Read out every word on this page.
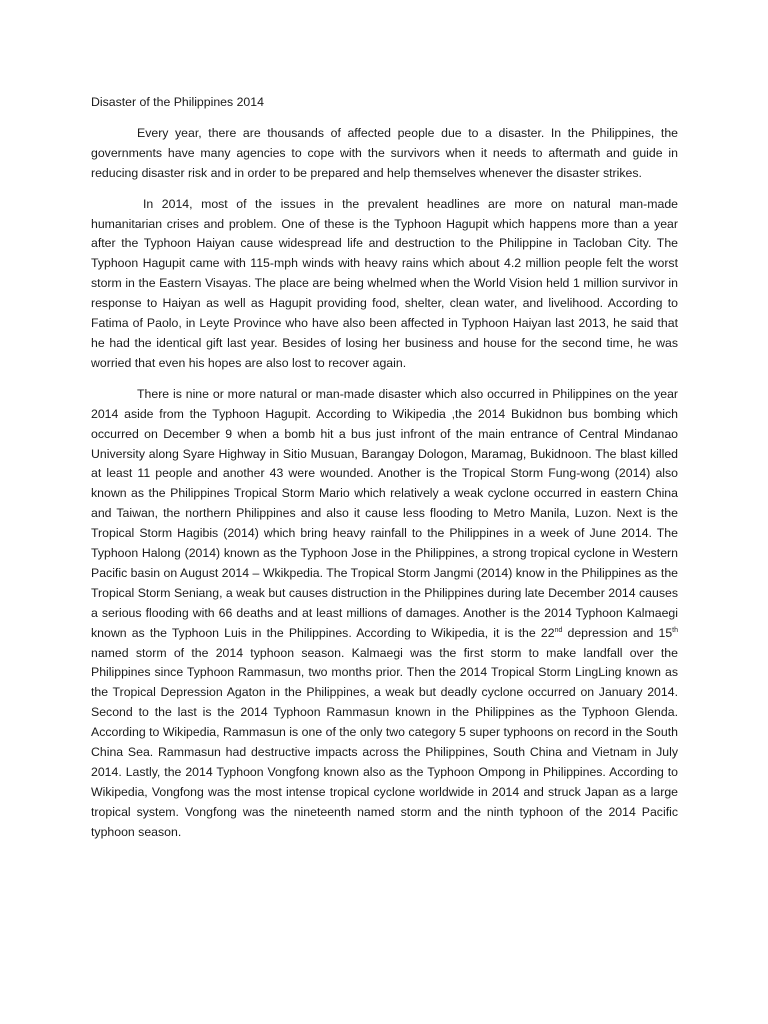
Disaster of the Philippines 2014

Every year, there are thousands of affected people due to a disaster. In the Philippines, the governments have many agencies to cope with the survivors when it needs to aftermath and guide in reducing disaster risk and in order to be prepared and help themselves whenever the disaster strikes.

In 2014, most of the issues in the prevalent headlines are more on natural man-made humanitarian crises and problem. One of these is the Typhoon Hagupit which happens more than a year after the Typhoon Haiyan cause widespread life and destruction to the Philippine in Tacloban City. The Typhoon Hagupit came with 115-mph winds with heavy rains which about 4.2 million people felt the worst storm in the Eastern Visayas. The place are being whelmed when the World Vision held 1 million survivor in response to Haiyan as well as Hagupit providing food, shelter, clean water, and livelihood. According to Fatima of Paolo, in Leyte Province who have also been affected in Typhoon Haiyan last 2013, he said that he had the identical gift last year. Besides of losing her business and house for the second time, he was worried that even his hopes are also lost to recover again.

There is nine or more natural or man-made disaster which also occurred in Philippines on the year 2014 aside from the Typhoon Hagupit. According to Wikipedia ,the 2014 Bukidnon bus bombing which occurred on December 9 when a bomb hit a bus just infront of the main entrance of Central Mindanao University along Syare Highway in Sitio Musuan, Barangay Dologon, Maramag, Bukidnoon. The blast killed at least 11 people and another 43 were wounded. Another is the Tropical Storm Fung-wong (2014) also known as the Philippines Tropical Storm Mario which relatively a weak cyclone occurred in eastern China and Taiwan, the northern Philippines and also it cause less flooding to Metro Manila, Luzon. Next is the Tropical Storm Hagibis (2014) which bring heavy rainfall to the Philippines in a week of June 2014. The Typhoon Halong (2014) known as the Typhoon Jose in the Philippines, a strong tropical cyclone in Western Pacific basin on August 2014 – Wkikpedia. The Tropical Storm Jangmi (2014) know in the Philippines as the Tropical Storm Seniang, a weak but causes distruction in the Philippines during late December 2014 causes a serious flooding with 66 deaths and at least millions of damages. Another is the 2014 Typhoon Kalmaegi known as the Typhoon Luis in the Philippines. According to Wikipedia, it is the 22nd depression and 15th named storm of the 2014 typhoon season. Kalmaegi was the first storm to make landfall over the Philippines since Typhoon Rammasun, two months prior. Then the 2014 Tropical Storm LingLing known as the Tropical Depression Agaton in the Philippines, a weak but deadly cyclone occurred on January 2014. Second to the last is the 2014 Typhoon Rammasun known in the Philippines as the Typhoon Glenda. According to Wikipedia, Rammasun is one of the only two category 5 super typhoons on record in the South China Sea. Rammasun had destructive impacts across the Philippines, South China and Vietnam in July 2014. Lastly, the 2014 Typhoon Vongfong known also as the Typhoon Ompong in Philippines. According to Wikipedia, Vongfong was the most intense tropical cyclone worldwide in 2014 and struck Japan as a large tropical system. Vongfong was the nineteenth named storm and the ninth typhoon of the 2014 Pacific typhoon season.
